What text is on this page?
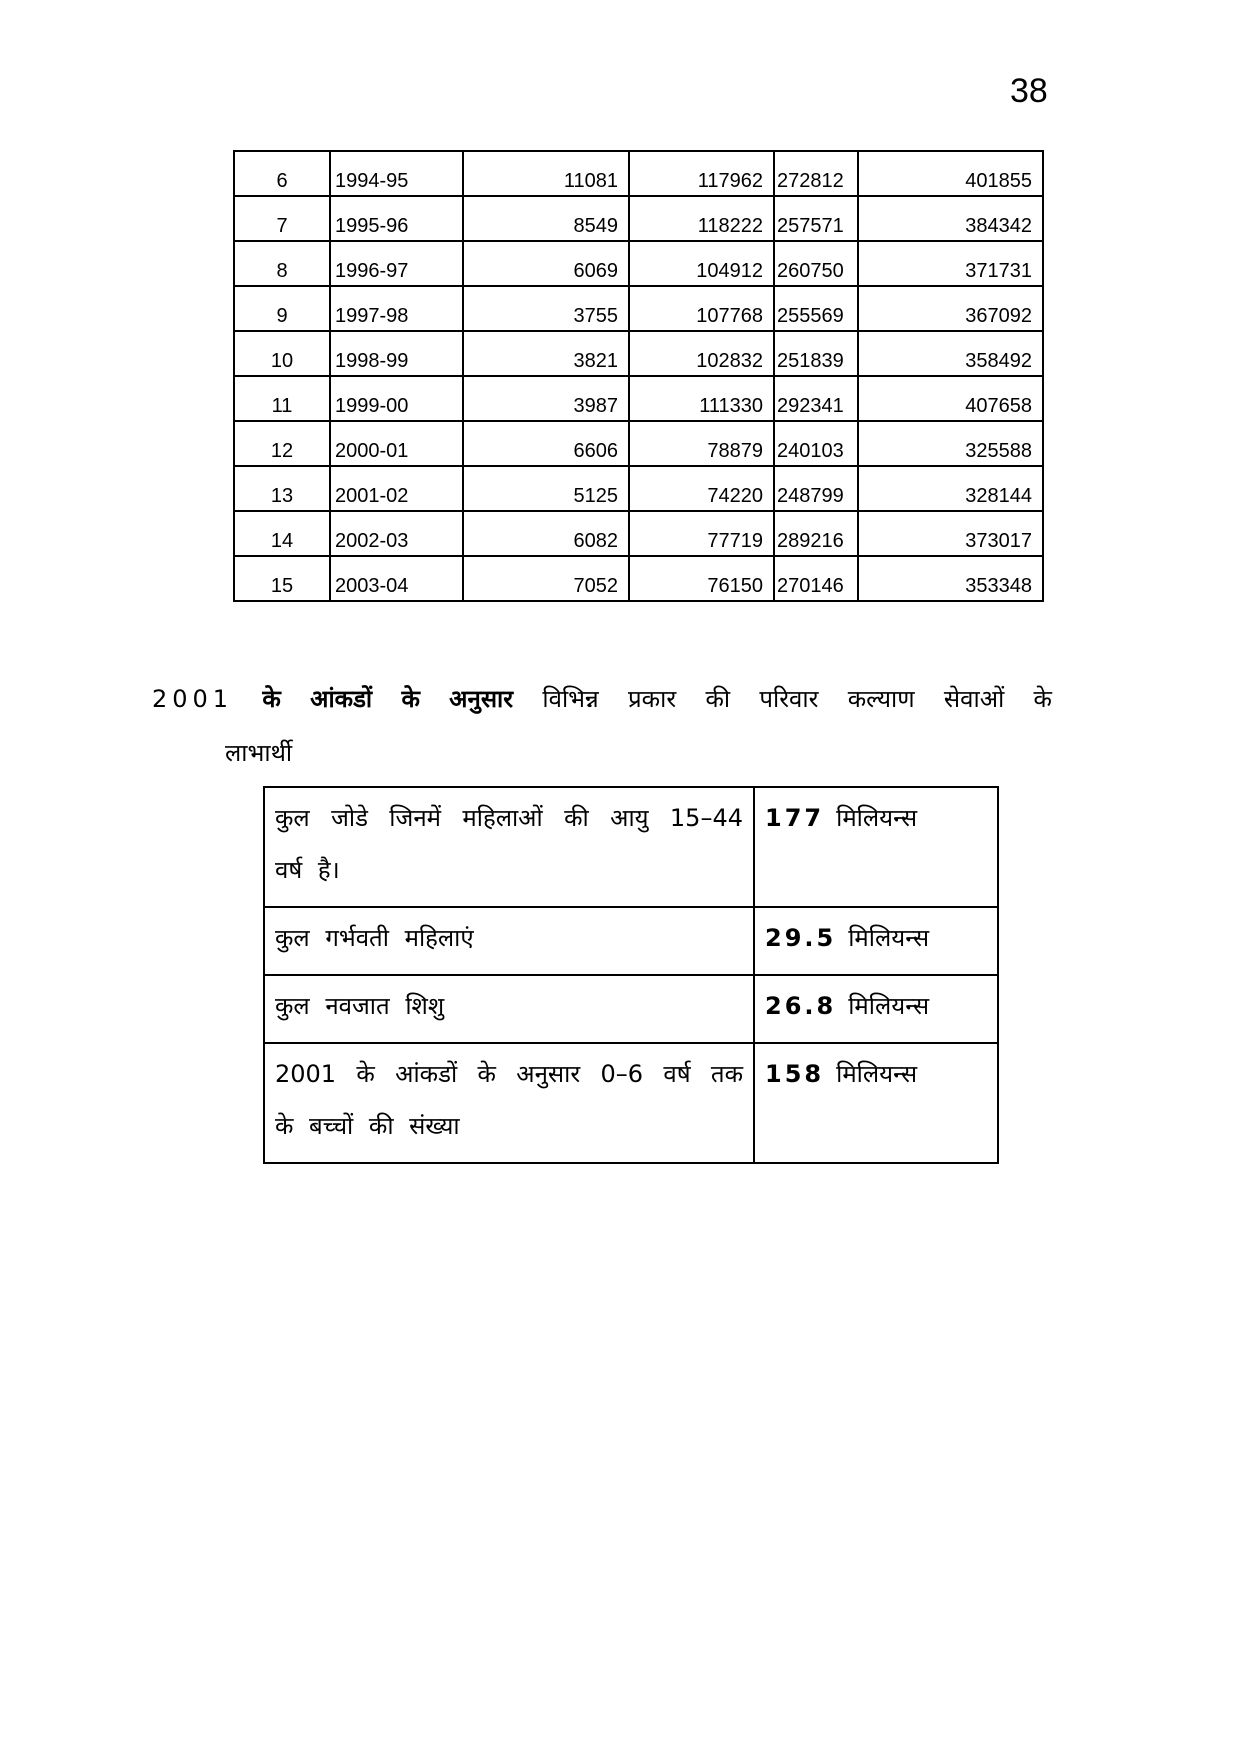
38
6	1994-95	11081	117962	272812	401855
7	1995-96	8549	118222	257571	384342
8	1996-97	6069	104912	260750	371731
9	1997-98	3755	107768	255569	367092
10	1998-99	3821	102832	251839	358492
11	1999-00	3987	111330	292341	407658
12	2000-01	6606	78879	240103	325588
13	2001-02	5125	74220	248799	328144
14	2002-03	6082	77719	289216	373017
15	2003-04	7052	76150	270146	353348
2001 के आंकडों के अनुसार विभिन्न प्रकार की परिवार कल्याण सेवाओं के
लाभार्थी
कुल जोडे जिनमें महिलाओं की आयु 15–44 वर्ष है।	177 मिलियन्स
कुल गर्भवती महिलाएं	29.5 मिलियन्स
कुल नवजात शिशु	26.8 मिलियन्स
2001 के आंकडों के अनुसार 0–6 वर्ष तक के बच्चों की संख्या	158 मिलियन्स
